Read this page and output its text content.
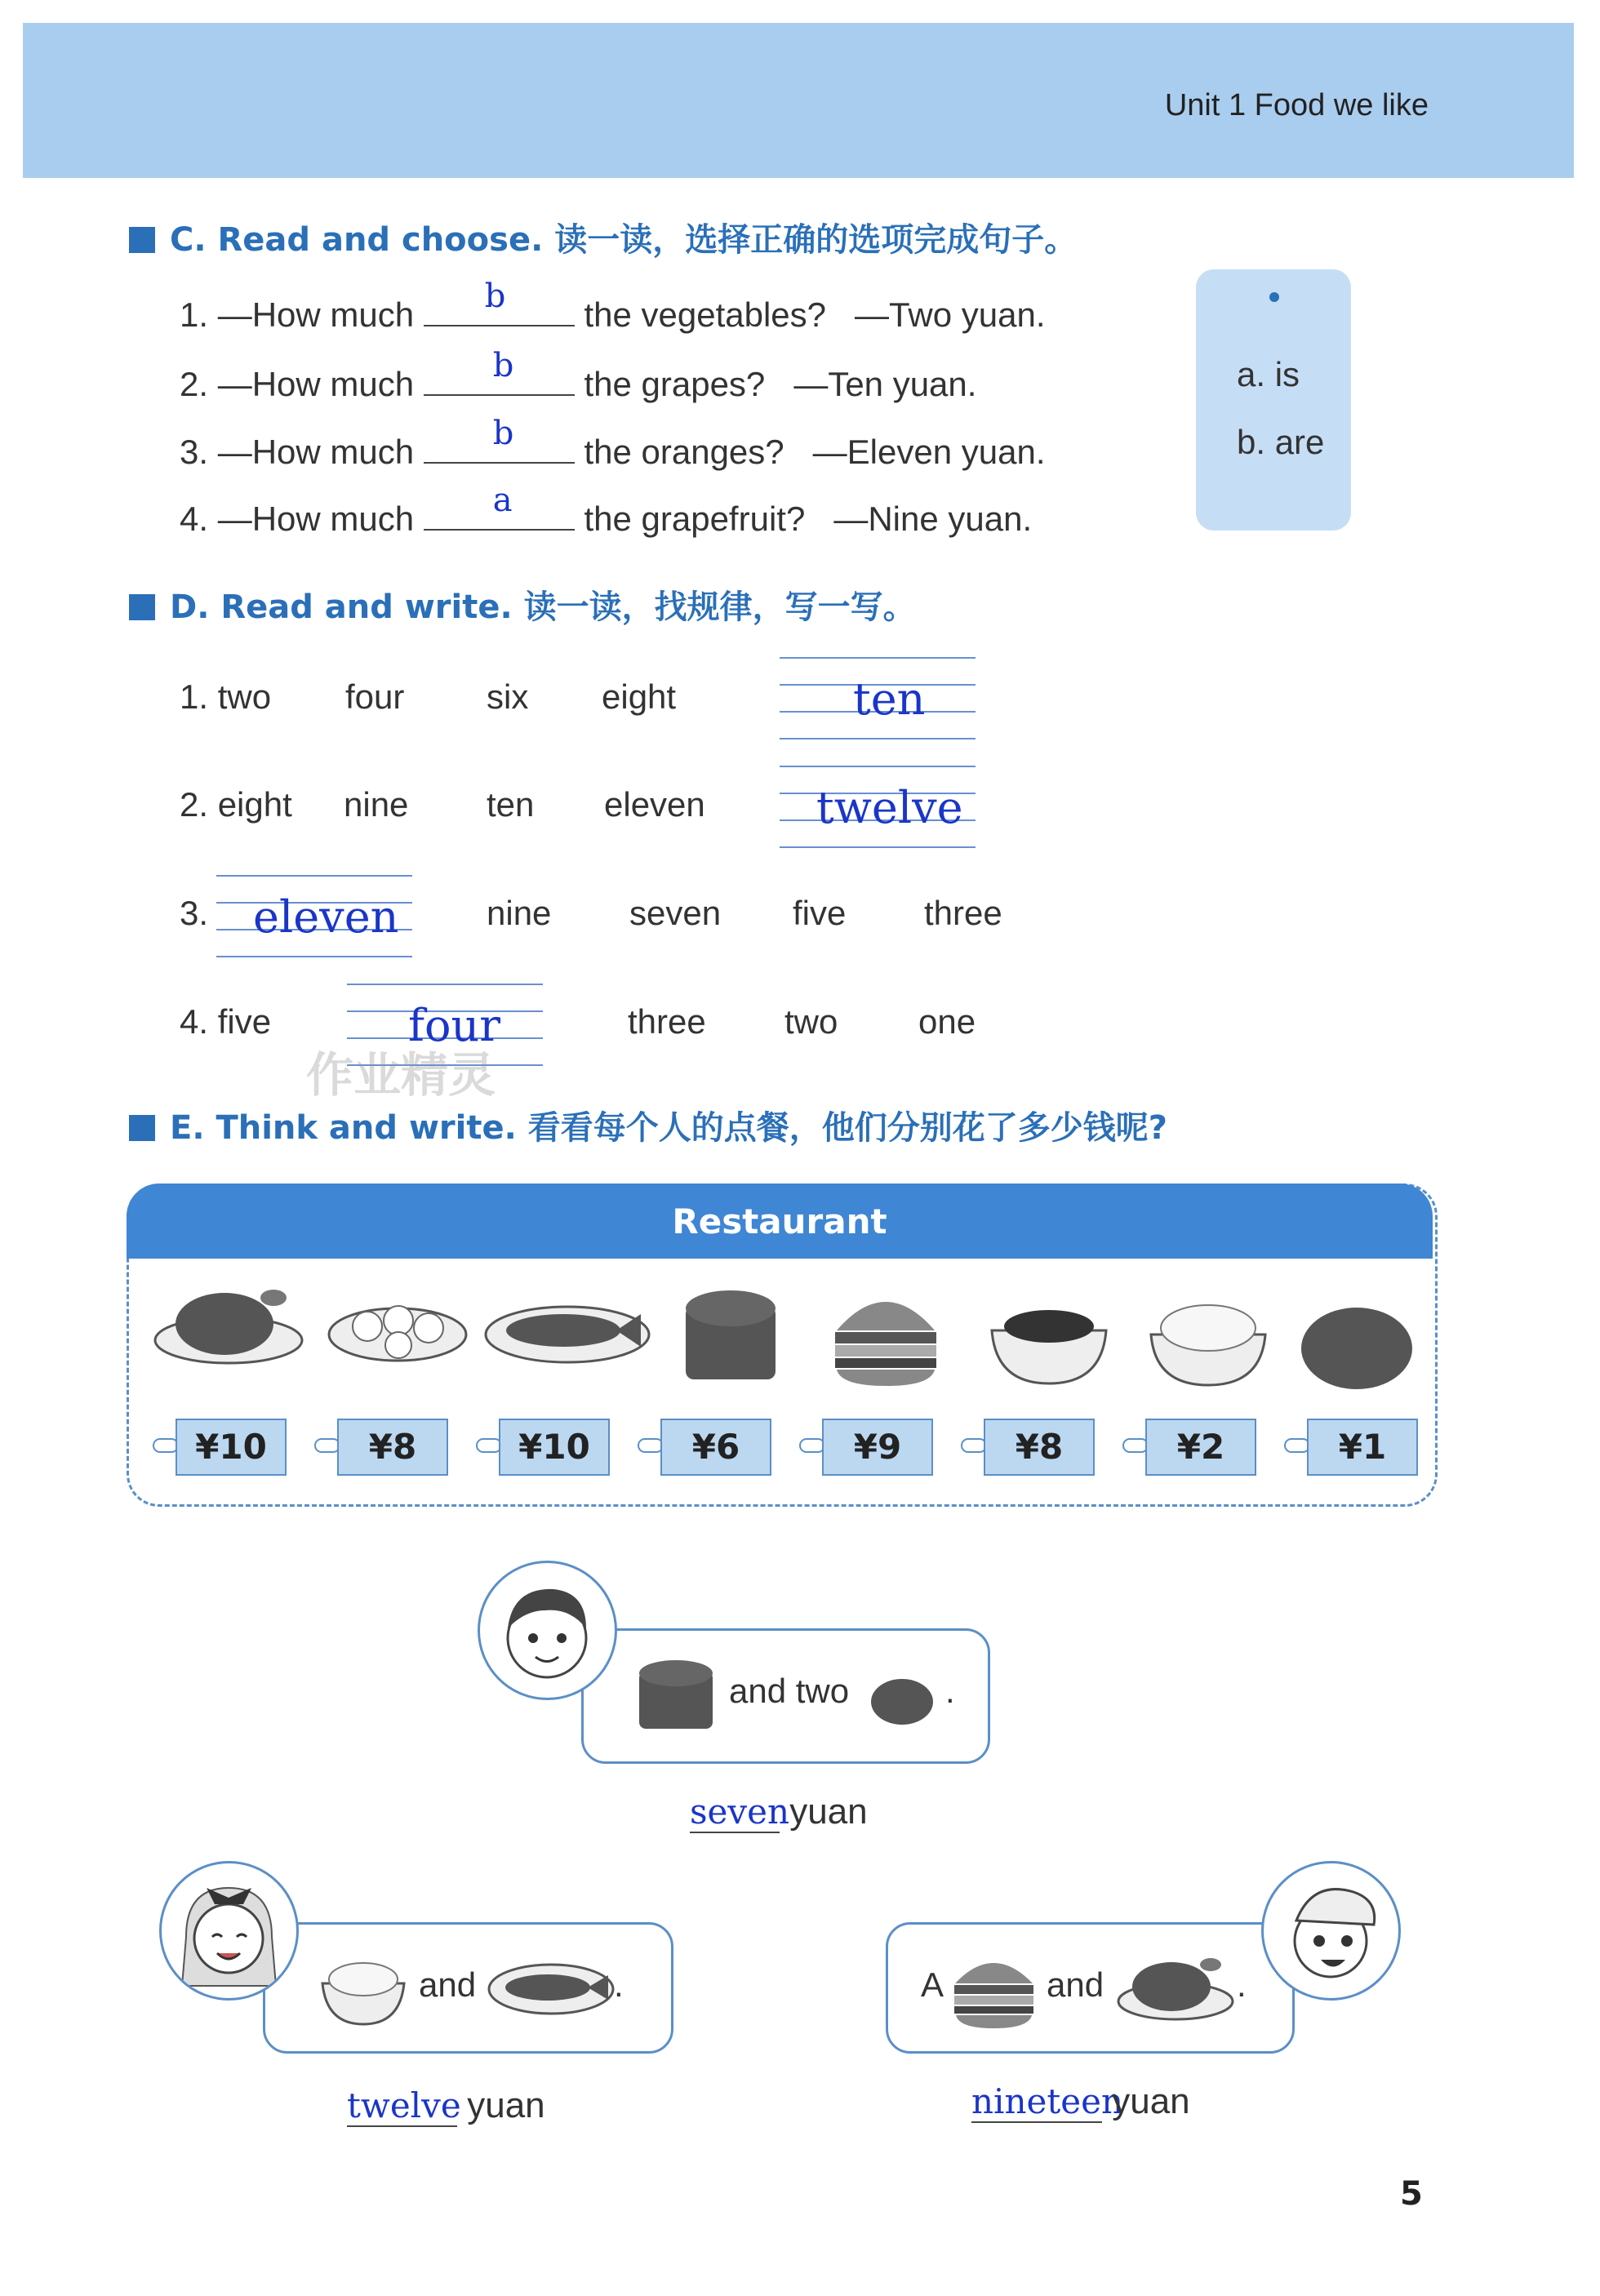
Unit 1 Food we like
C. Read and choose. 读一读，选择正确的选项完成句子。
1. —How much b the vegetables? —Two yuan.
2. —How much b the grapes? —Ten yuan.
3. —How much b the oranges? —Eleven yuan.
4. —How much a the grapefruit? —Nine yuan.
a. is
b. are
D. Read and write. 读一读，找规律，写一写。
1. two four six eight	ten
2. eight nine ten eleven	twelve
3. eleven	nine seven five three
4. five	four	three two one
E. Think and write. 看看每个人的点餐，他们分别花了多少钱呢?
Restaurant
¥10	¥8	¥10	¥6	¥9	¥8	¥2	¥1
and two	.
seven yuan
and	.
twelve yuan
A	and	.
nineteen yuan
作业精灵
5
